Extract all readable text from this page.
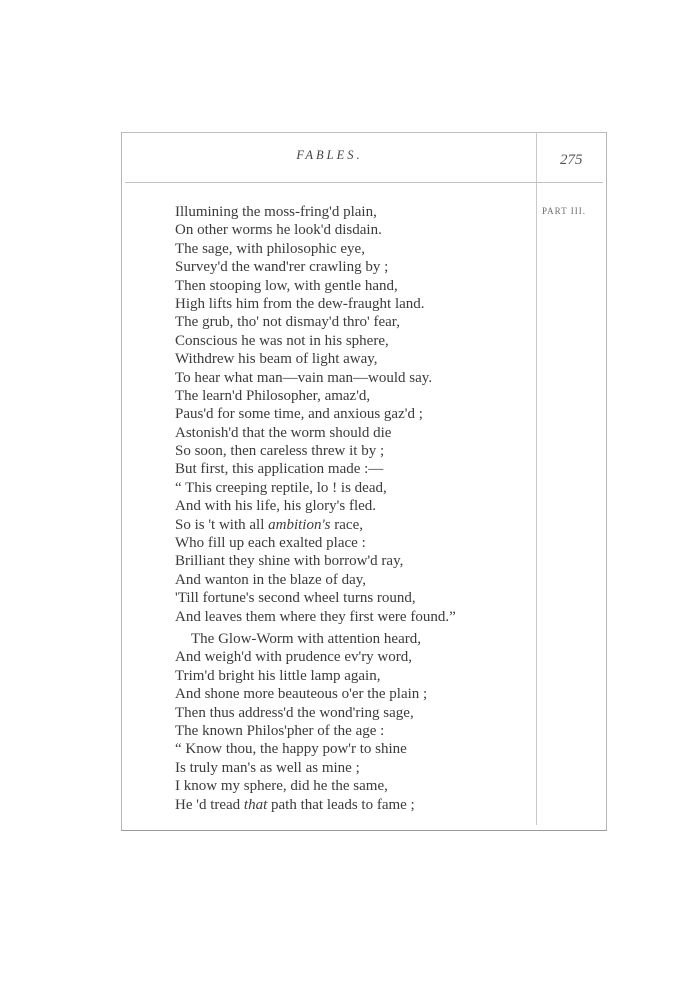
FABLES.	275
PART III.
Illumining the moss-fring'd plain,
On other worms he look'd disdain.
The sage, with philosophic eye,
Survey'd the wand'rer crawling by ;
Then stooping low, with gentle hand,
High lifts him from the dew-fraught land.
The grub, tho' not dismay'd thro' fear,
Conscious he was not in his sphere,
Withdrew his beam of light away,
To hear what man—vain man—would say.
The learn'd Philosopher, amaz'd,
Paus'd for some time, and anxious gaz'd ;
Astonish'd that the worm should die
So soon, then careless threw it by ;
But first, this application made :—
“ This creeping reptile, lo ! is dead,
And with his life, his glory's fled.
So is 't with all ambition's race,
Who fill up each exalted place :
Brilliant they shine with borrow'd ray,
And wanton in the blaze of day,
'Till fortune's second wheel turns round,
And leaves them where they first were found.”
The Glow-Worm with attention heard,
And weigh'd with prudence ev'ry word,
Trim'd bright his little lamp again,
And shone more beauteous o'er the plain ;
Then thus address'd the wond'ring sage,
The known Philos'pher of the age :
“ Know thou, the happy pow'r to shine
Is truly man's as well as mine ;
I know my sphere, did he the same,
He 'd tread that path that leads to fame ;
